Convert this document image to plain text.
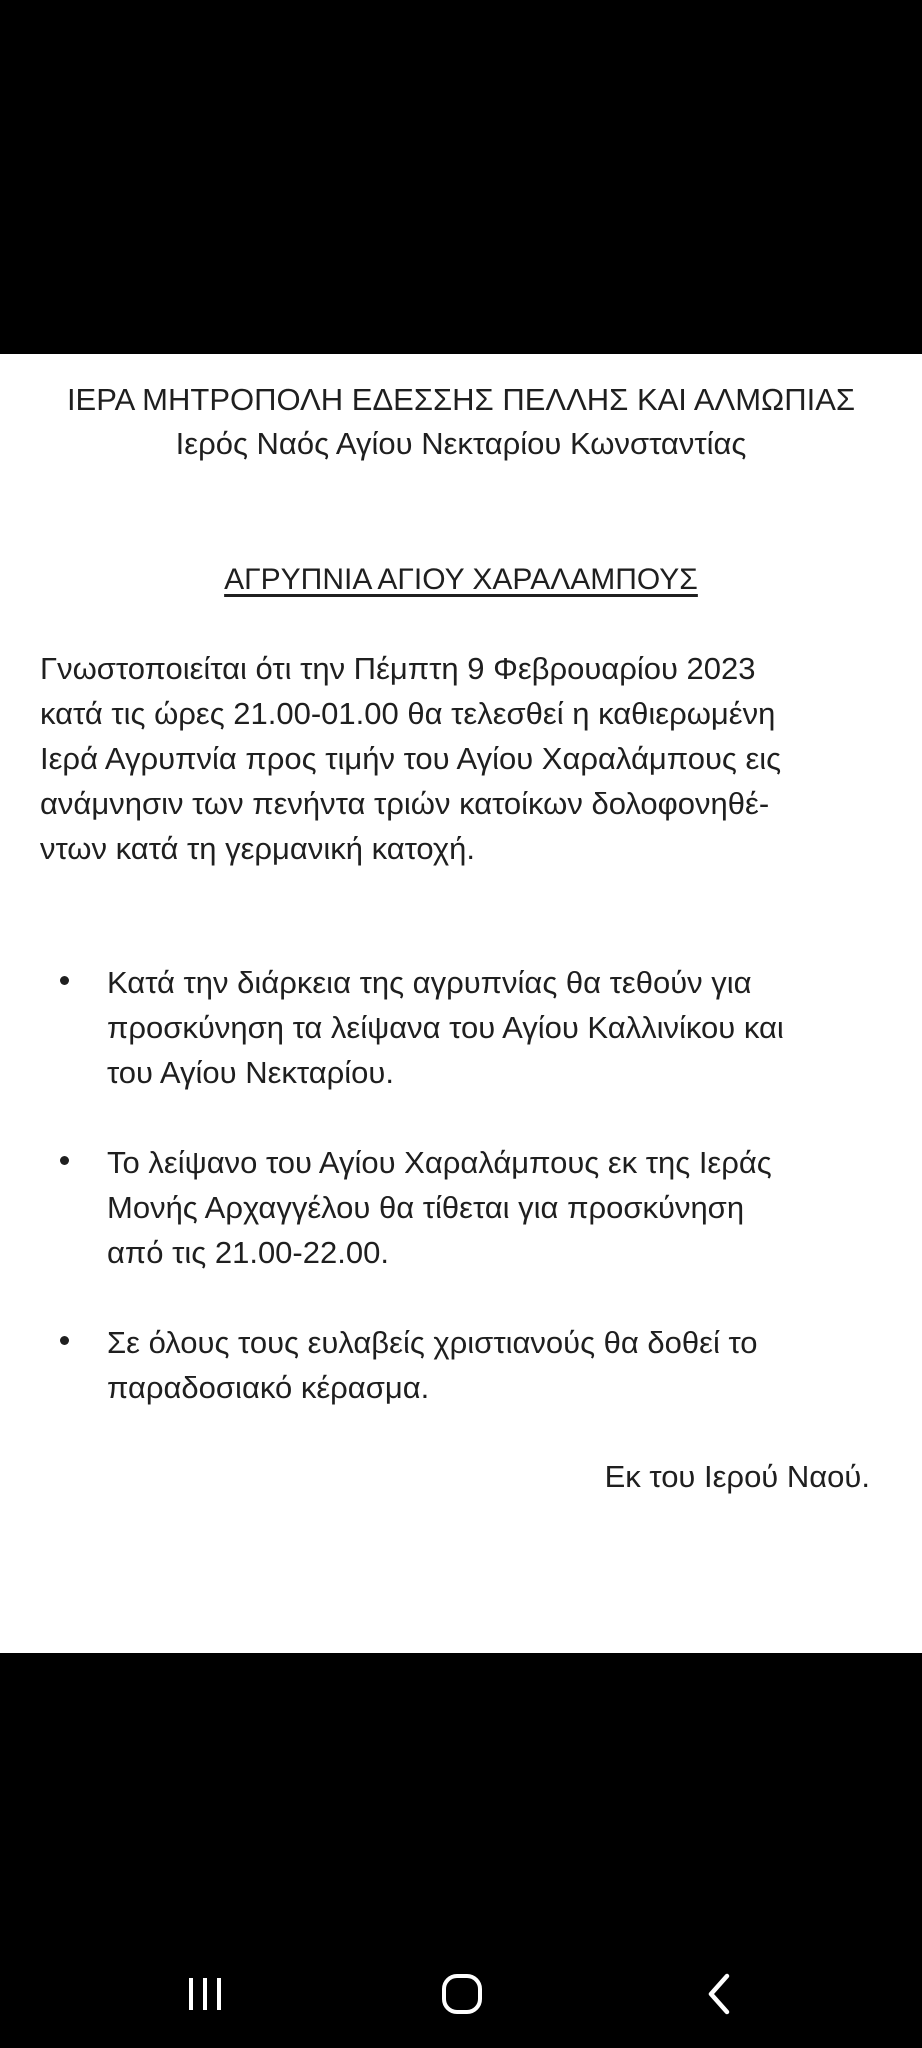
ΙΕΡΑ ΜΗΤΡΟΠΟΛΗ ΕΔΕΣΣΗΣ ΠΕΛΛΗΣ ΚΑΙ ΑΛΜΩΠΙΑΣ
Ιερός Ναός Αγίου Νεκταρίου Κωνσταντίας
ΑΓΡΥΠΝΙΑ ΑΓΙΟΥ ΧΑΡΑΛΑΜΠΟΥΣ
Γνωστοποιείται ότι την Πέμπτη 9 Φεβρουαρίου 2023
κατά τις ώρες 21.00-01.00 θα τελεσθεί η καθιερωμένη
Ιερά Αγρυπνία προς τιμήν του Αγίου Χαραλάμπους εις
ανάμνησιν των πενήντα τριών κατοίκων δολοφονηθέ-
ντων κατά τη γερμανική κατοχή.
Κατά την διάρκεια της αγρυπνίας θα τεθούν για
προσκύνηση τα λείψανα του Αγίου Καλλινίκου και
του Αγίου Νεκταρίου.
Το λείψανο του Αγίου Χαραλάμπους εκ της Ιεράς
Μονής Αρχαγγέλου θα τίθεται για προσκύνηση
από τις 21.00-22.00.
Σε όλους τους ευλαβείς χριστιανούς θα δοθεί το
παραδοσιακό κέρασμα.
Εκ του Ιερού Ναού.
